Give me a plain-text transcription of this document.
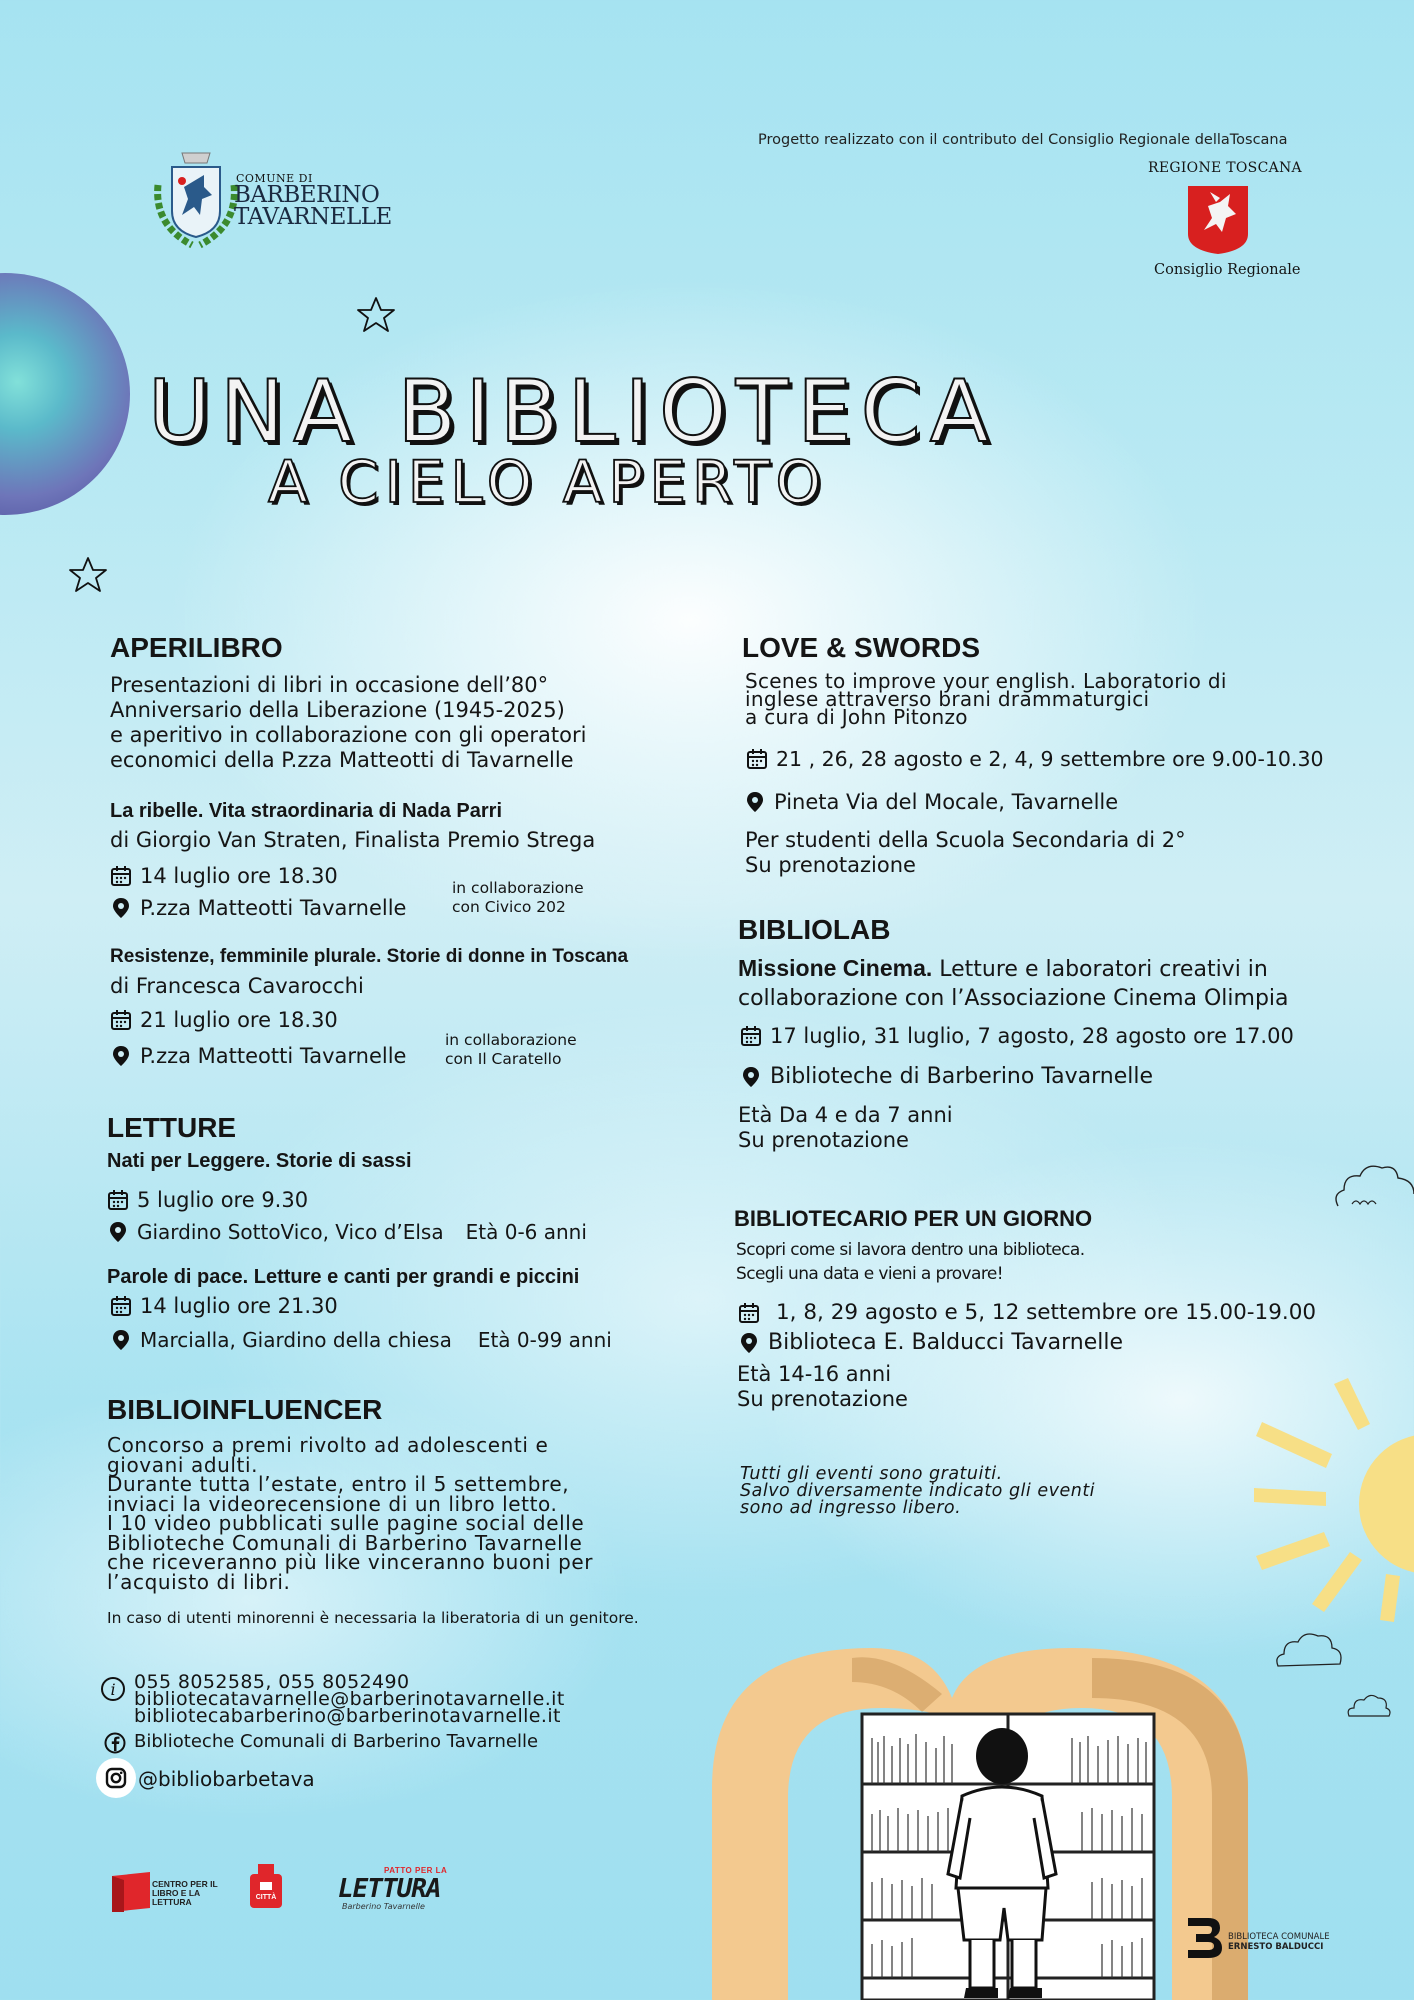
Progetto realizzato con il contributo del Consiglio Regionale dellaToscana
REGIONE TOSCANA
Consiglio Regionale
COMUNE DI
BARBERINO
TAVARNELLE
UNA BIBLIOTECA
A CIELO APERTO
APERILIBRO
Presentazioni di libri in occasione dell’80°
Anniversario della Liberazione (1945-2025)
e aperitivo in collaborazione con gli operatori
economici della P.zza Matteotti di Tavarnelle
La ribelle. Vita straordinaria di Nada Parri
di Giorgio Van Straten, Finalista Premio Strega
14 luglio ore 18.30
P.zza Matteotti Tavarnelle
in collaborazione
con Civico 202
Resistenze, femminile plurale. Storie di donne in Toscana
di Francesca Cavarocchi
21 luglio ore 18.30
P.zza Matteotti Tavarnelle
in collaborazione
con Il Caratello
LETTURE
Nati per Leggere. Storie di sassi
5 luglio ore 9.30
Giardino SottoVico, Vico d’Elsa Età 0-6 anni
Parole di pace. Letture e canti per grandi e piccini
14 luglio ore 21.30
Marcialla, Giardino della chiesa Età 0-99 anni
BIBLIOINFLUENCER
Concorso a premi rivolto ad adolescenti e
giovani adulti.
Durante tutta l’estate, entro il 5 settembre,
inviaci la videorecensione di un libro letto.
I 10 video pubblicati sulle pagine social delle
Biblioteche Comunali di Barberino Tavarnelle
che riceveranno più like vinceranno buoni per
l’acquisto di libri.
In caso di utenti minorenni è necessaria la liberatoria di un genitore.
i 055 8052585, 055 8052490
bibliotecatavarnelle@barberinotavarnelle.it
bibliotecabarberino@barberinotavarnelle.it
Biblioteche Comunali di Barberino Tavarnelle
@bibliobarbetava
CENTRO PER IL LIBRO E LA LETTURA	CITTÀ
PATTO PER LA
LETTURA
Barberino Tavarnelle
LOVE & SWORDS
Scenes to improve your english. Laboratorio di
inglese attraverso brani drammaturgici
a cura di John Pitonzo
21 , 26, 28 agosto e 2, 4, 9 settembre ore 9.00-10.30
Pineta Via del Mocale, Tavarnelle
Per studenti della Scuola Secondaria di 2°
Su prenotazione
BIBLIOLAB
Missione Cinema. Letture e laboratori creativi in
collaborazione con l’Associazione Cinema Olimpia
17 luglio, 31 luglio, 7 agosto, 28 agosto ore 17.00
Biblioteche di Barberino Tavarnelle
Età Da 4 e da 7 anni
Su prenotazione
BIBLIOTECARIO PER UN GIORNO
Scopri come si lavora dentro una biblioteca.
Scegli una data e vieni a provare!
1, 8, 29 agosto e 5, 12 settembre ore 15.00-19.00
Biblioteca E. Balducci Tavarnelle
Età 14-16 anni
Su prenotazione
Tutti gli eventi sono gratuiti.
Salvo diversamente indicato gli eventi
sono ad ingresso libero.
BIBLIOTECA COMUNALE
ERNESTO BALDUCCI
